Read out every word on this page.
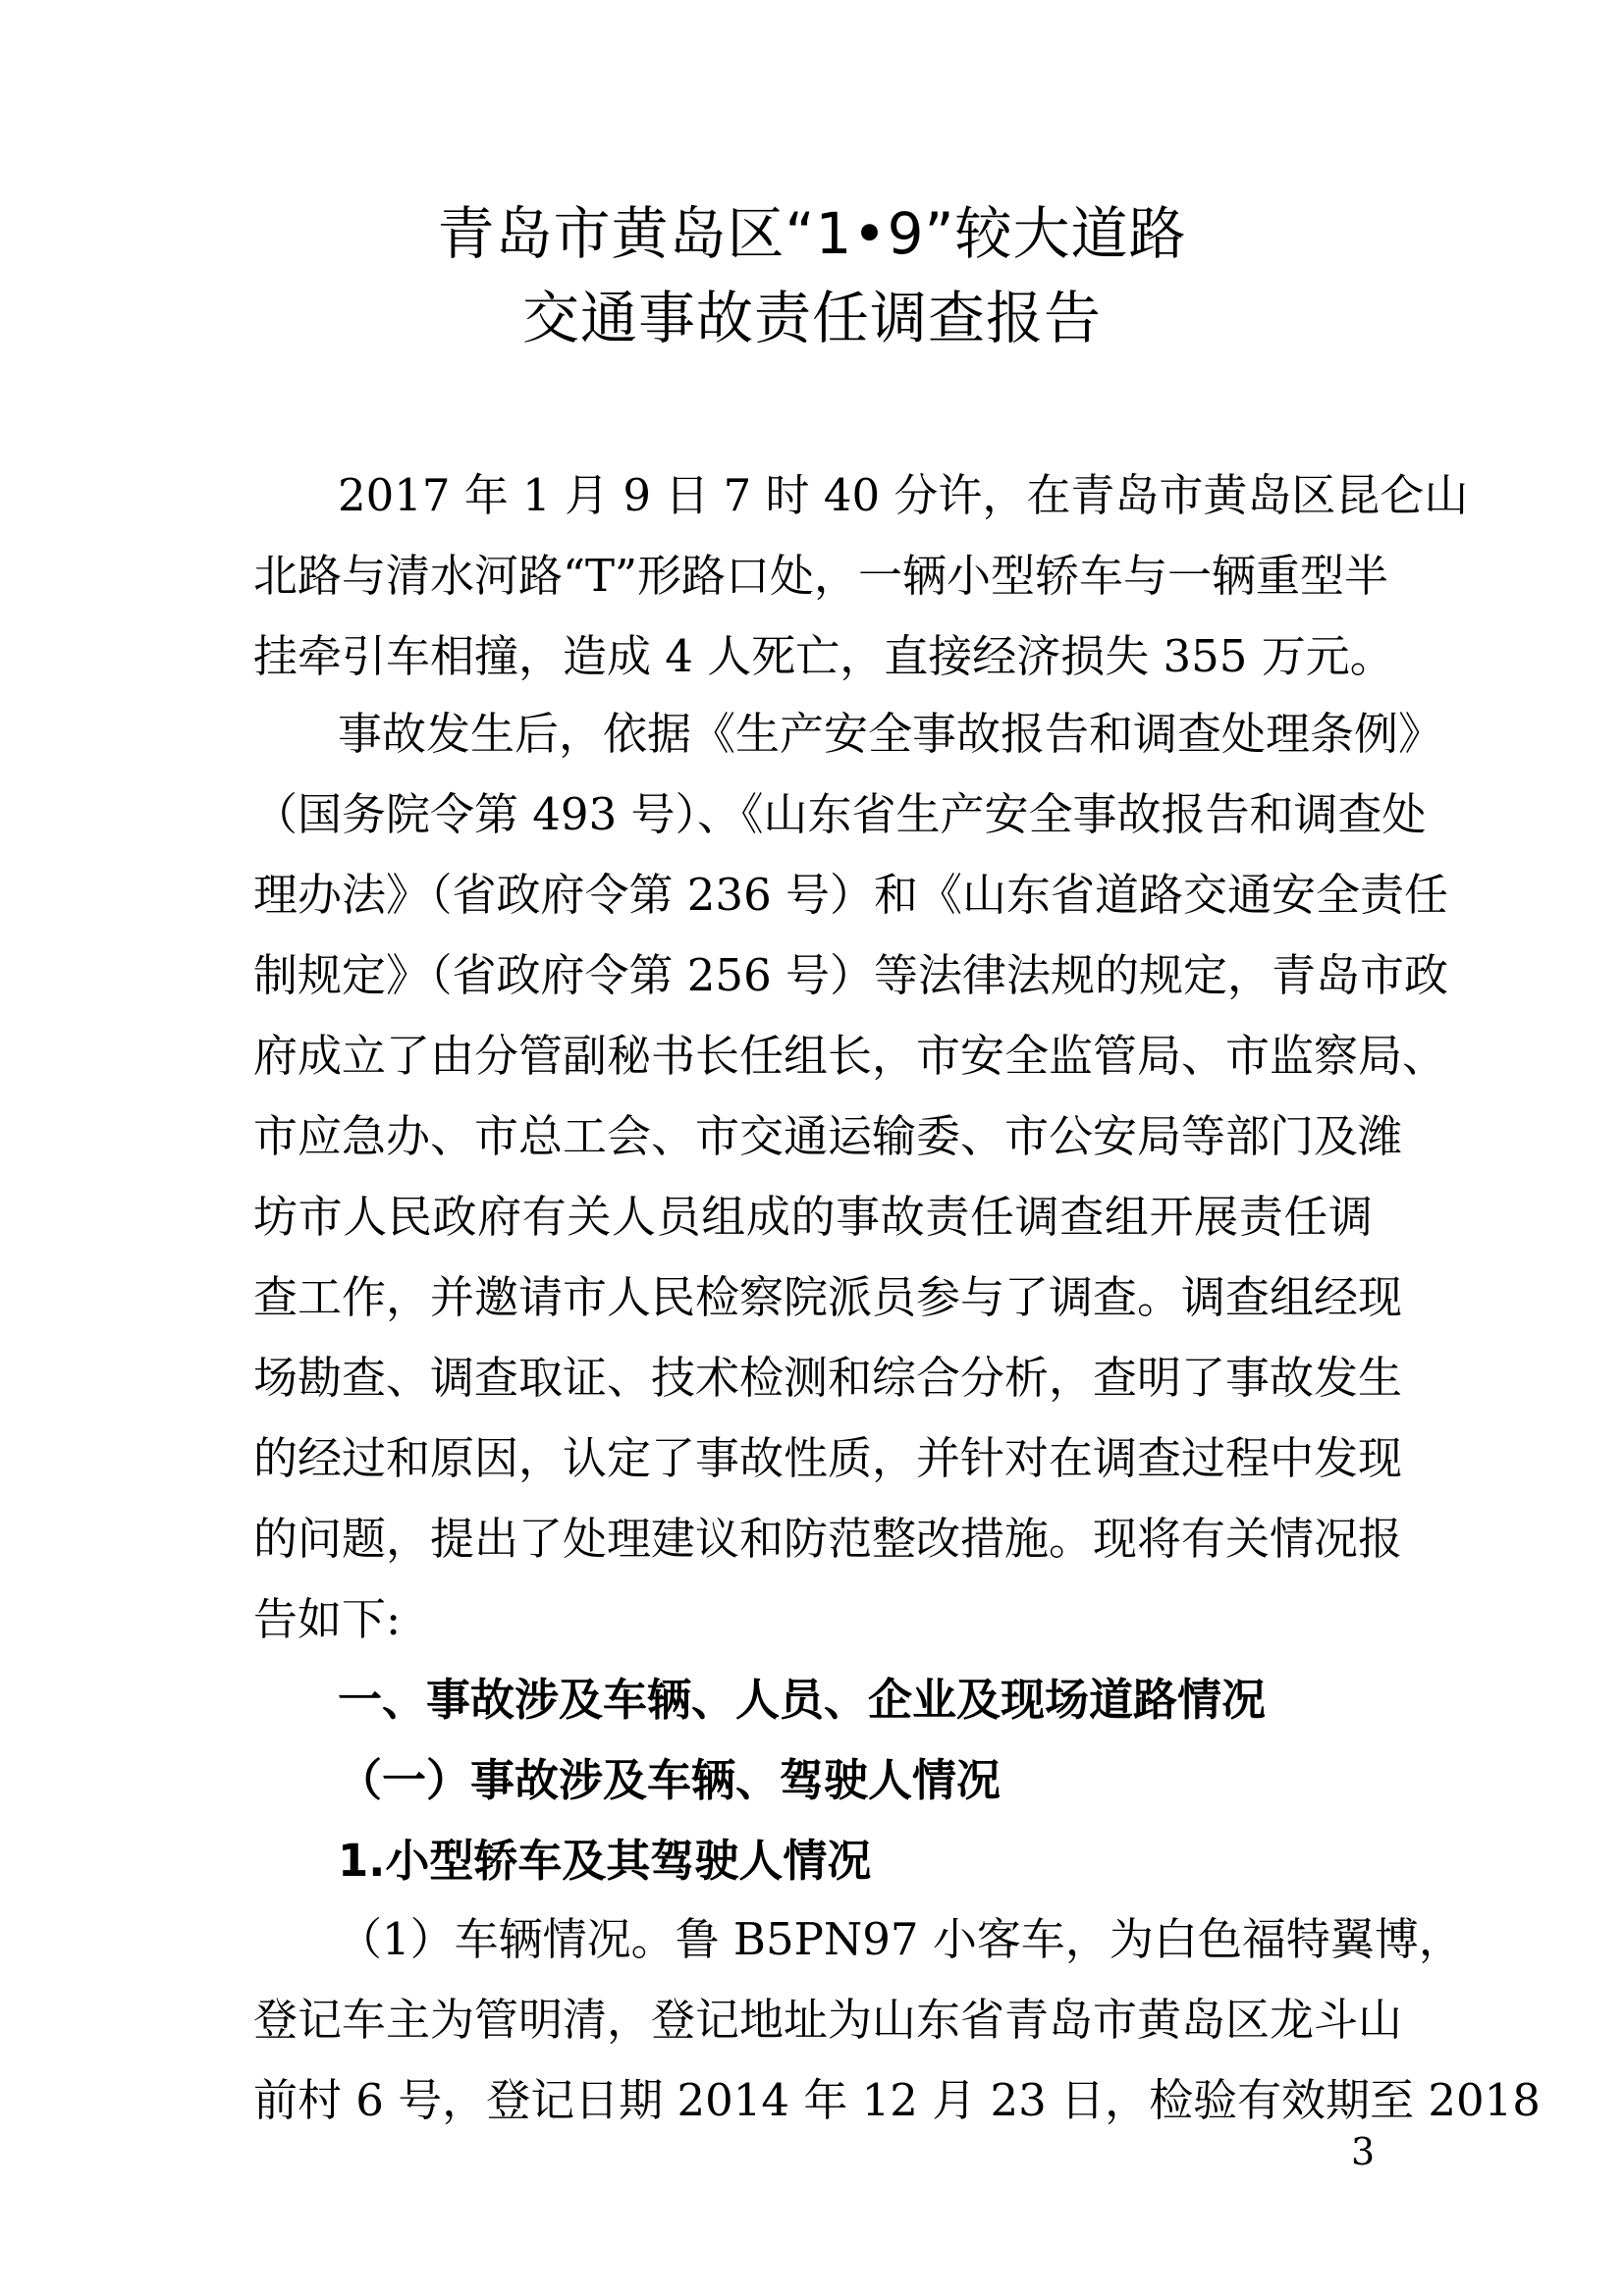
青岛市黄岛区“1•9”较大道路
交通事故责任调查报告
2017 年 1 月 9 日 7 时 40 分许，在青岛市黄岛区昆仑山
北路与清水河路“T”形路口处，一辆小型轿车与一辆重型半
挂牵引车相撞，造成 4 人死亡，直接经济损失 355 万元。
事故发生后，依据《生产安全事故报告和调查处理条例》
（国务院令第 493 号）、《山东省生产安全事故报告和调查处
理办法》（省政府令第 236 号）和《山东省道路交通安全责任
制规定》（省政府令第 256 号）等法律法规的规定，青岛市政
府成立了由分管副秘书长任组长，市安全监管局、市监察局、
市应急办、市总工会、市交通运输委、市公安局等部门及潍
坊市人民政府有关人员组成的事故责任调查组开展责任调
查工作，并邀请市人民检察院派员参与了调查。调查组经现
场勘查、调查取证、技术检测和综合分析，查明了事故发生
的经过和原因，认定了事故性质，并针对在调查过程中发现
的问题，提出了处理建议和防范整改措施。现将有关情况报
告如下:
一、事故涉及车辆、人员、企业及现场道路情况
（一）事故涉及车辆、驾驶人情况
1.小型轿车及其驾驶人情况
（1）车辆情况。鲁 B5PN97 小客车，为白色福特翼博，
登记车主为管明清，登记地址为山东省青岛市黄岛区龙斗山
前村 6 号，登记日期 2014 年 12 月 23 日，检验有效期至 2018
3
